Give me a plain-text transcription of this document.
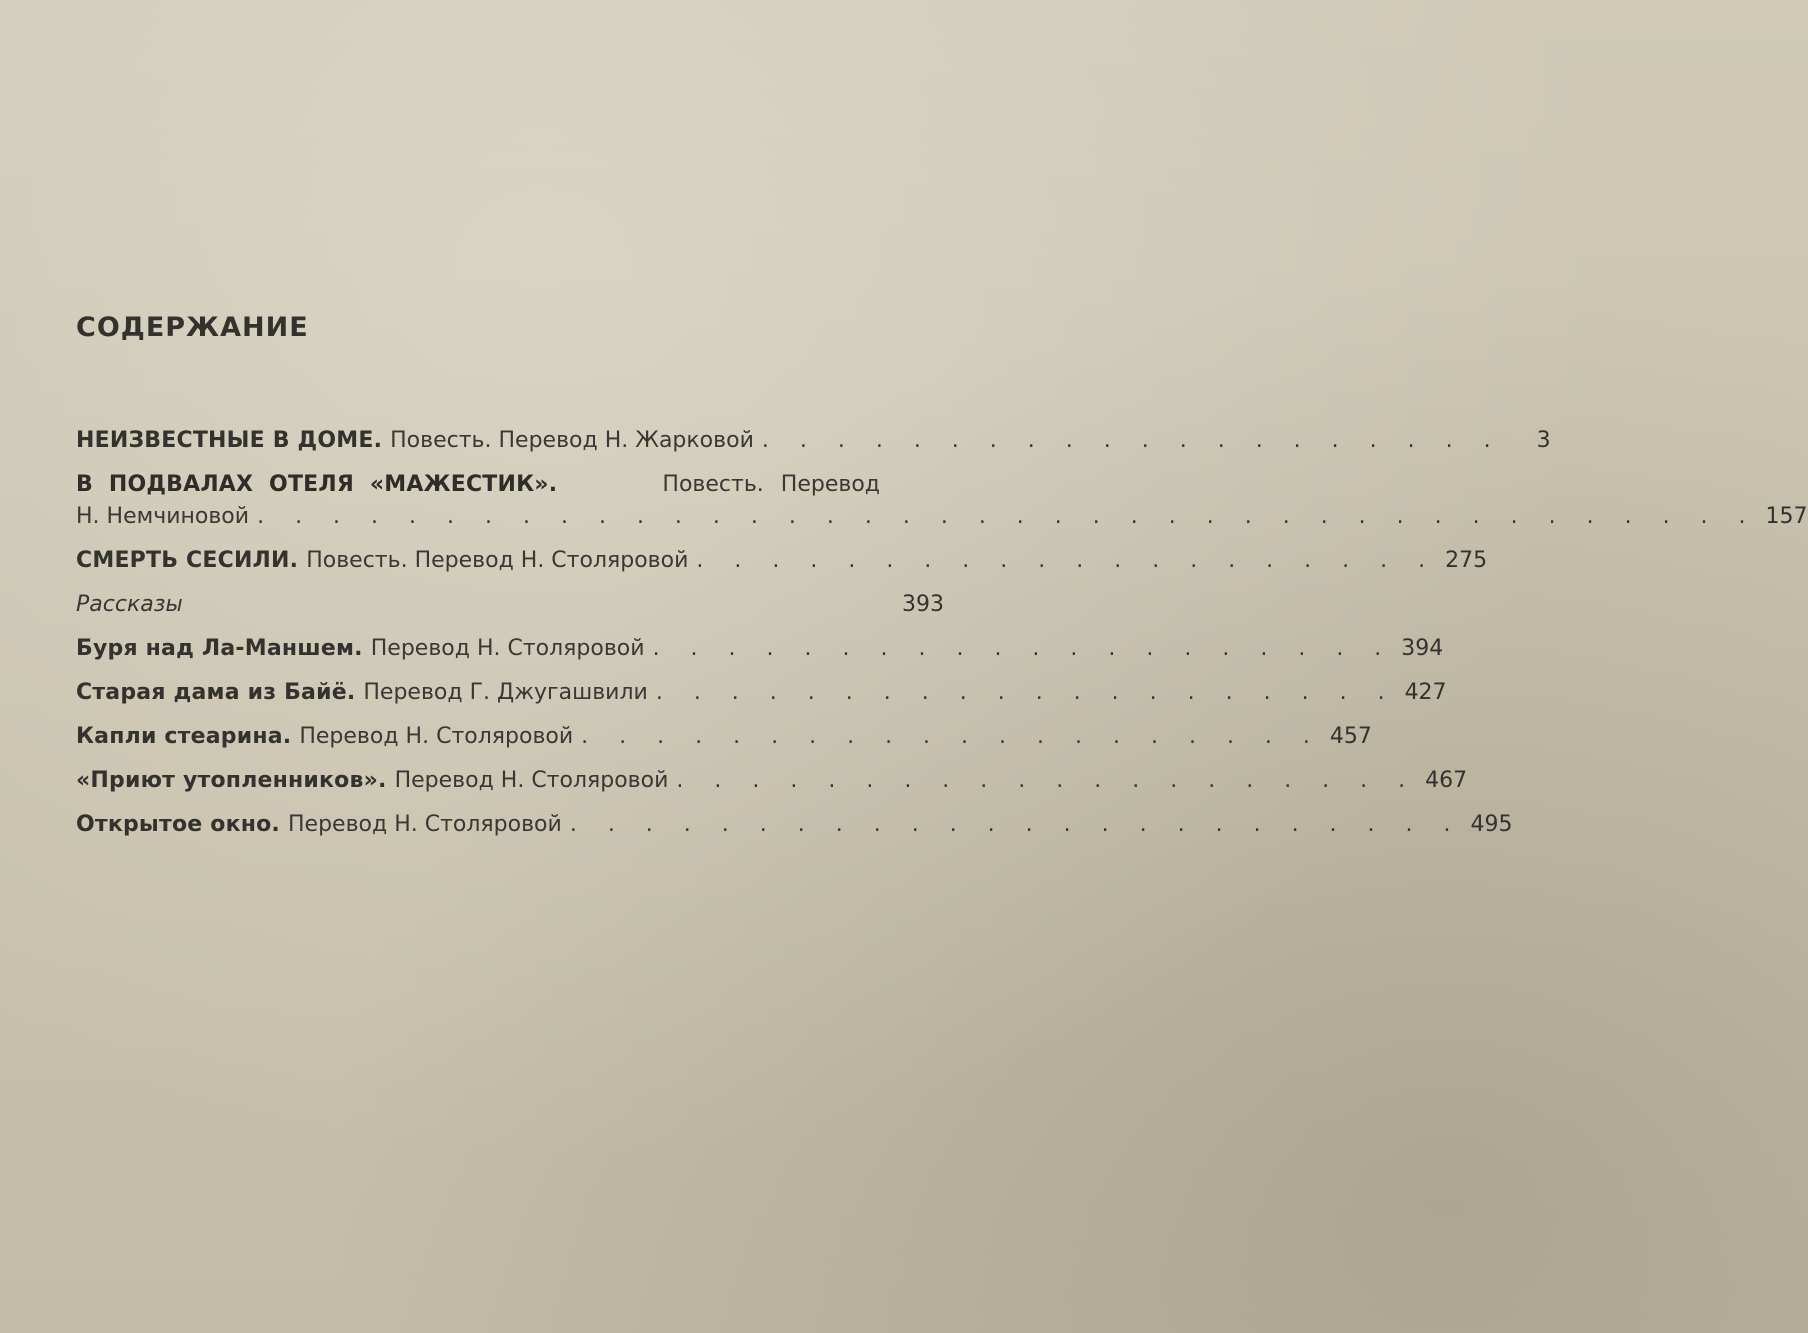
СОДЕРЖАНИЕ
НЕИЗВЕСТНЫЕ В ДОМЕ. Повесть. Перевод Н. Жарковой . . . . . . . . . . . . . . . . . . . .	3
В ПОДВАЛАХ ОТЕЛЯ «МАЖЕСТИК».	Повесть. Перевод
Н. Немчиновой . . . . . . . . . . . . . . . . . . . . . . . . . . . . . . . . . . . . . . . . 157
СМЕРТЬ СЕСИЛИ. Повесть. Перевод Н. Столяровой . . . . . . . . . . . . . . . . . . . . 275
Рассказы	393
Буря над Ла-Маншем. Перевод Н. Столяровой . . . . . . . . . . . . . . . . . . . . 394
Старая дама из Байё. Перевод Г. Джугашвили . . . . . . . . . . . . . . . . . . . . 427
Капли стеарина. Перевод Н. Столяровой . . . . . . . . . . . . . . . . . . . . 457
«Приют утопленников». Перевод Н. Столяровой . . . . . . . . . . . . . . . . . . . . 467
Открытое окно. Перевод Н. Столяровой . . . . . . . . . . . . . . . . . . . . . . . . 495
